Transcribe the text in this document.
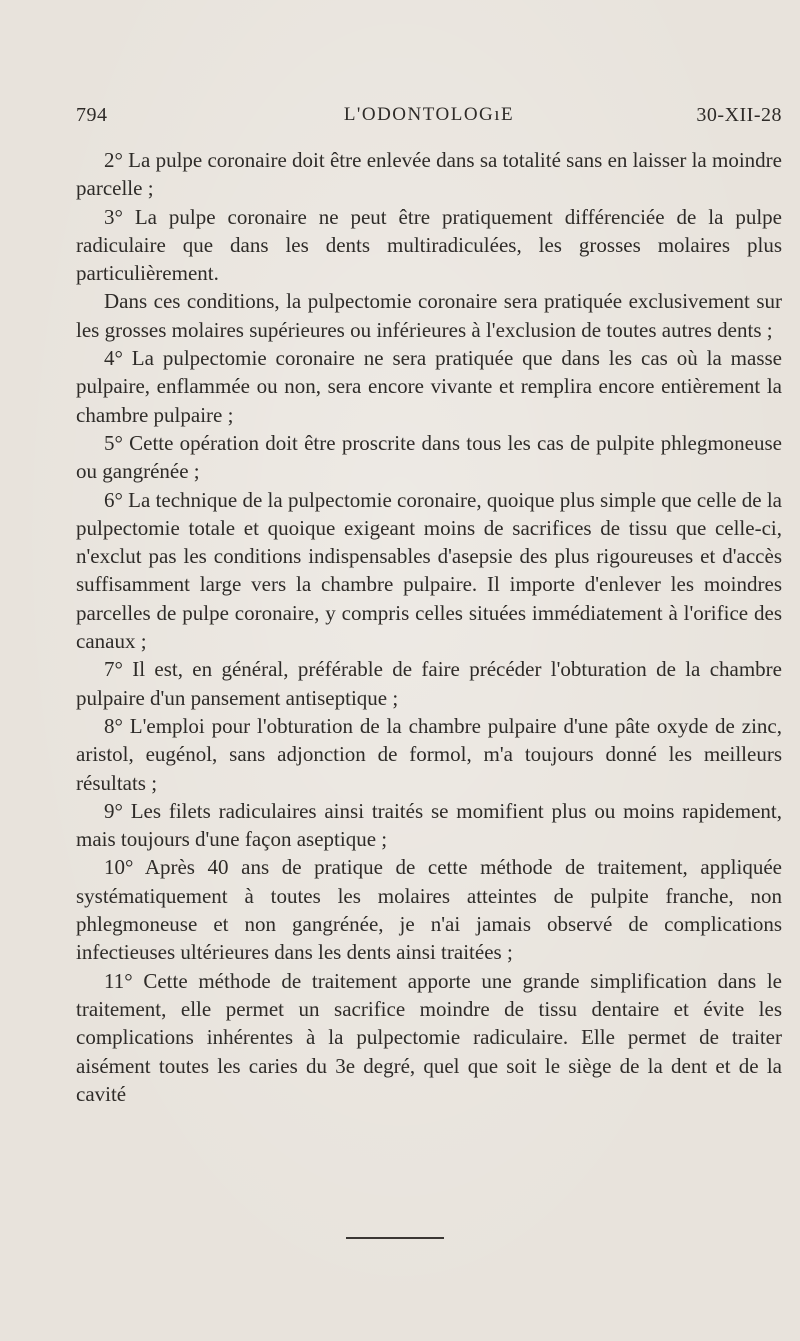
794	L'ODONTOLOGıE	30-XII-28

2° La pulpe coronaire doit être enlevée dans sa totalité sans en laisser la moindre parcelle ;

3° La pulpe coronaire ne peut être pratiquement différenciée de la pulpe radiculaire que dans les dents multiradiculées, les grosses molaires plus particulièrement.

Dans ces conditions, la pulpectomie coronaire sera pratiquée exclusivement sur les grosses molaires supérieures ou inférieures à l'exclusion de toutes autres dents ;

4° La pulpectomie coronaire ne sera pratiquée que dans les cas où la masse pulpaire, enflammée ou non, sera encore vivante et remplira encore entièrement la chambre pulpaire ;

5° Cette opération doit être proscrite dans tous les cas de pulpite phlegmoneuse ou gangrénée ;

6° La technique de la pulpectomie coronaire, quoique plus simple que celle de la pulpectomie totale et quoique exigeant moins de sacrifices de tissu que celle-ci, n'exclut pas les conditions indispensables d'asepsie des plus rigoureuses et d'accès suffisamment large vers la chambre pulpaire. Il importe d'enlever les moindres parcelles de pulpe coronaire, y compris celles situées immédiatement à l'orifice des canaux ;

7° Il est, en général, préférable de faire précéder l'obturation de la chambre pulpaire d'un pansement antiseptique ;

8° L'emploi pour l'obturation de la chambre pulpaire d'une pâte oxyde de zinc, aristol, eugénol, sans adjonction de formol, m'a toujours donné les meilleurs résultats ;

9° Les filets radiculaires ainsi traités se momifient plus ou moins rapidement, mais toujours d'une façon aseptique ;

10° Après 40 ans de pratique de cette méthode de traitement, appliquée systématiquement à toutes les molaires atteintes de pulpite franche, non phlegmoneuse et non gangrénée, je n'ai jamais observé de complications infectieuses ultérieures dans les dents ainsi traitées ;

11° Cette méthode de traitement apporte une grande simplification dans le traitement, elle permet un sacrifice moindre de tissu dentaire et évite les complications inhérentes à la pulpectomie radiculaire. Elle permet de traiter aisément toutes les caries du 3e degré, quel que soit le siège de la dent et de la cavité
